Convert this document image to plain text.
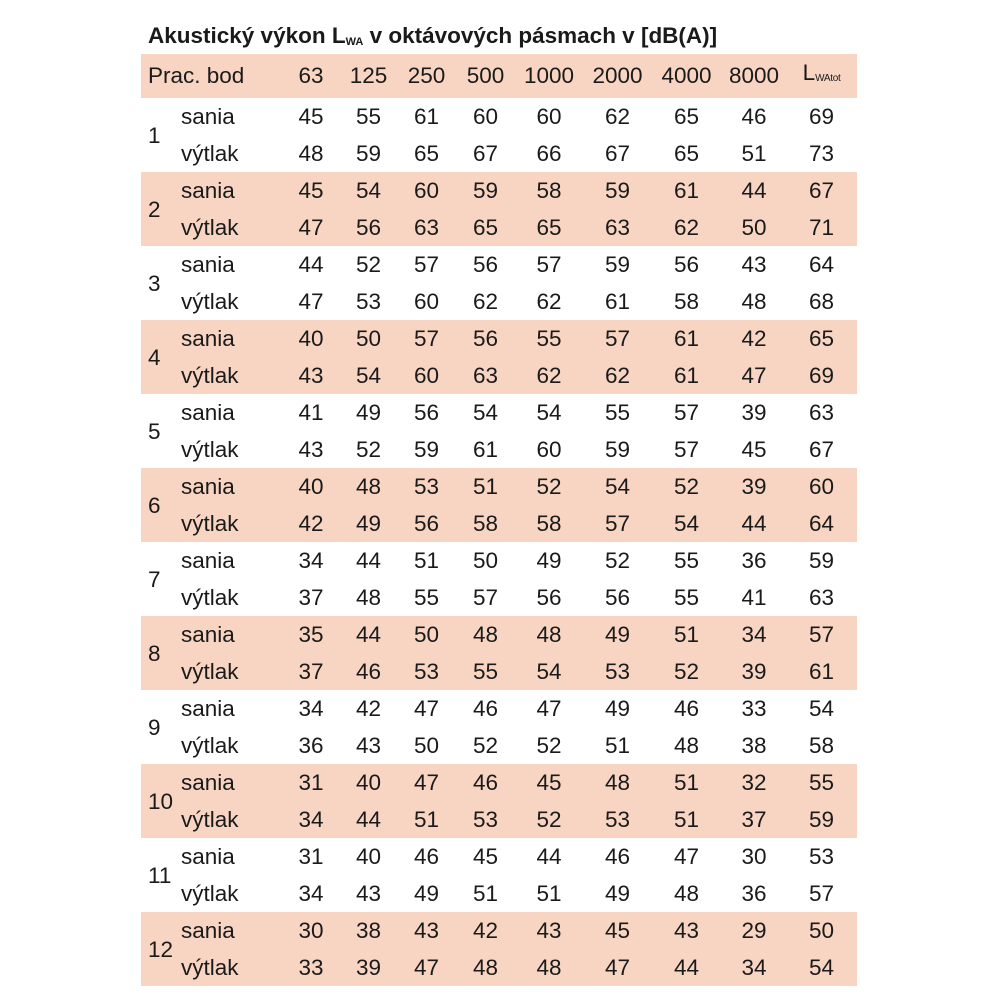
Akustický výkon LWA v oktávových pásmach v [dB(A)]
Prac. bod		63	125	250	500	1000	2000	4000	8000	LWAtot
1	sania	45	55	61	60	60	62	65	46	69
	výtlak	48	59	65	67	66	67	65	51	73
2	sania	45	54	60	59	58	59	61	44	67
	výtlak	47	56	63	65	65	63	62	50	71
3	sania	44	52	57	56	57	59	56	43	64
	výtlak	47	53	60	62	62	61	58	48	68
4	sania	40	50	57	56	55	57	61	42	65
	výtlak	43	54	60	63	62	62	61	47	69
5	sania	41	49	56	54	54	55	57	39	63
	výtlak	43	52	59	61	60	59	57	45	67
6	sania	40	48	53	51	52	54	52	39	60
	výtlak	42	49	56	58	58	57	54	44	64
7	sania	34	44	51	50	49	52	55	36	59
	výtlak	37	48	55	57	56	56	55	41	63
8	sania	35	44	50	48	48	49	51	34	57
	výtlak	37	46	53	55	54	53	52	39	61
9	sania	34	42	47	46	47	49	46	33	54
	výtlak	36	43	50	52	52	51	48	38	58
10	sania	31	40	47	46	45	48	51	32	55
	výtlak	34	44	51	53	52	53	51	37	59
11	sania	31	40	46	45	44	46	47	30	53
	výtlak	34	43	49	51	51	49	48	36	57
12	sania	30	38	43	42	43	45	43	29	50
	výtlak	33	39	47	48	48	47	44	34	54
